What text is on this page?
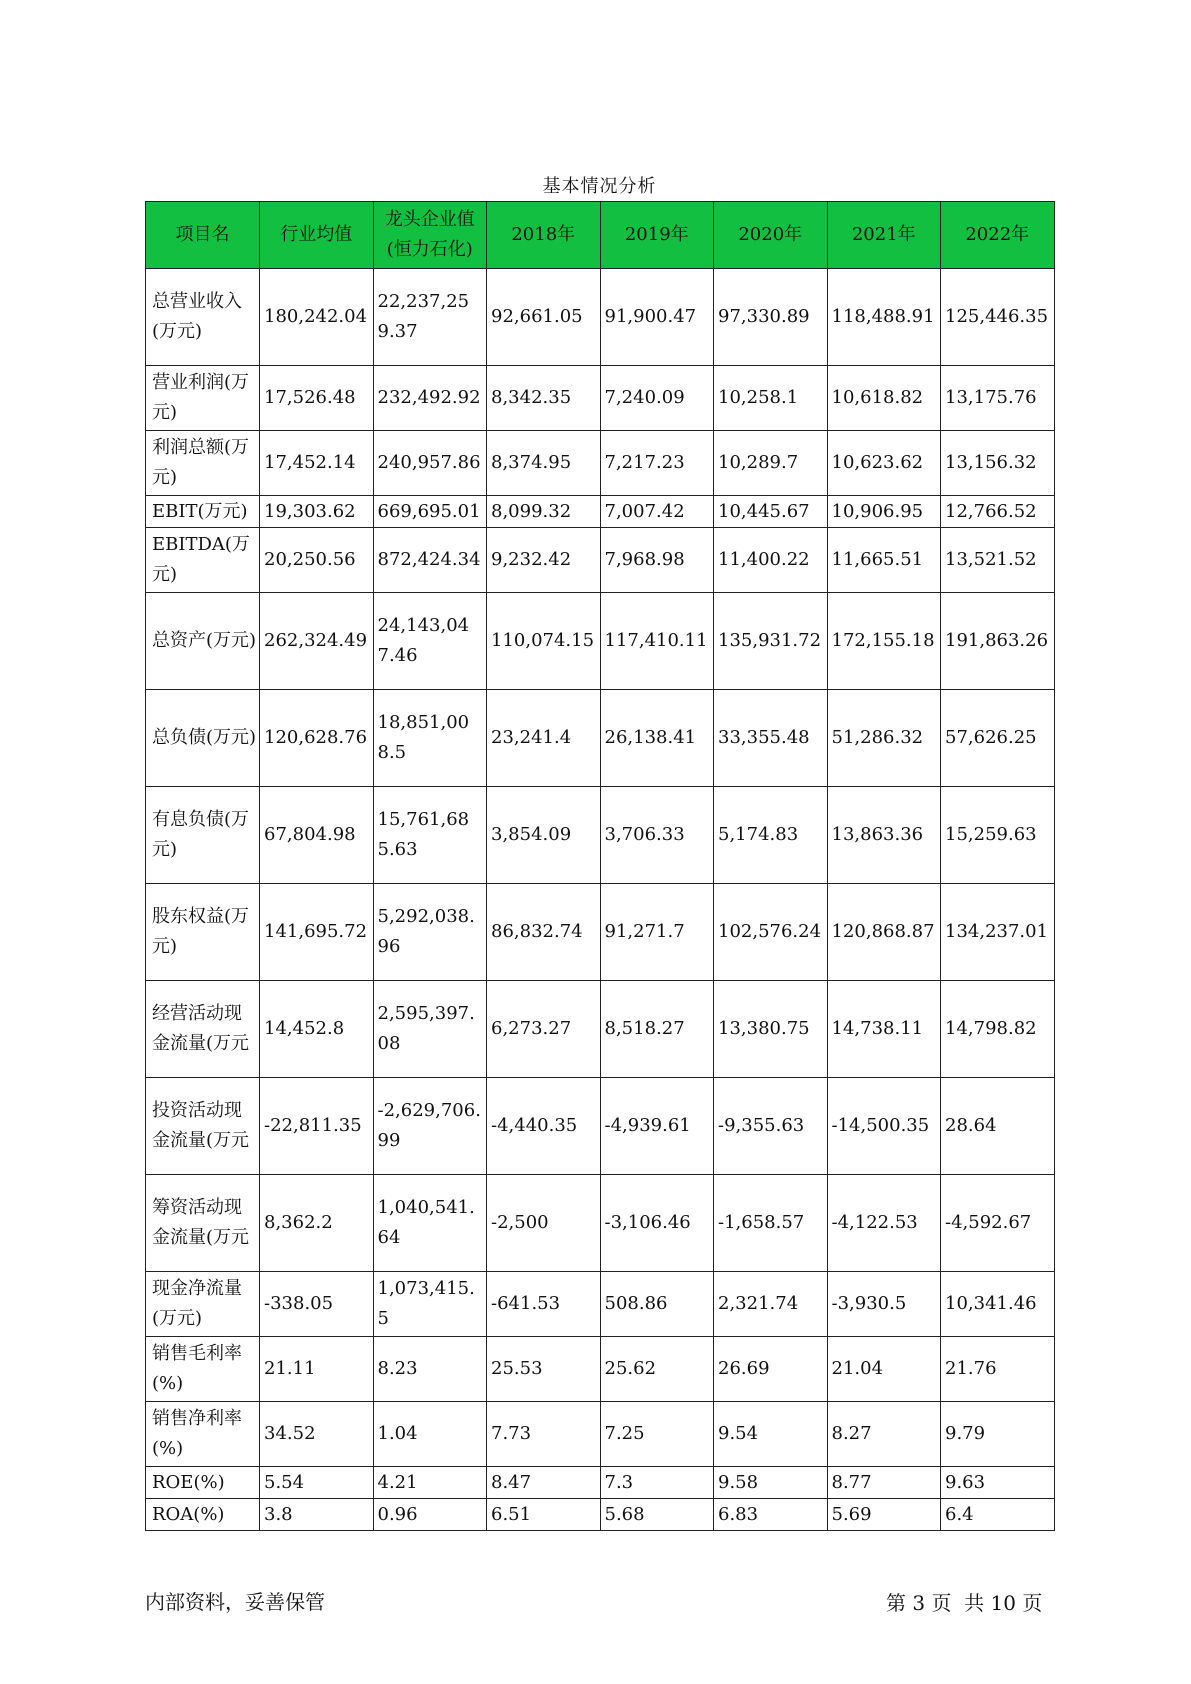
基本情况分析
项目名	行业均值	龙头企业值(恒力石化)	2018年	2019年	2020年	2021年	2022年
总营业收入(万元)	180,242.04	22,237,259.37	92,661.05	91,900.47	97,330.89	118,488.91	125,446.35
营业利润(万元)	17,526.48	232,492.92	8,342.35	7,240.09	10,258.1	10,618.82	13,175.76
利润总额(万元)	17,452.14	240,957.86	8,374.95	7,217.23	10,289.7	10,623.62	13,156.32
EBIT(万元)	19,303.62	669,695.01	8,099.32	7,007.42	10,445.67	10,906.95	12,766.52
EBITDA(万元)	20,250.56	872,424.34	9,232.42	7,968.98	11,400.22	11,665.51	13,521.52
总资产(万元)	262,324.49	24,143,047.46	110,074.15	117,410.11	135,931.72	172,155.18	191,863.26
总负债(万元)	120,628.76	18,851,008.5	23,241.4	26,138.41	33,355.48	51,286.32	57,626.25
有息负债(万元)	67,804.98	15,761,685.63	3,854.09	3,706.33	5,174.83	13,863.36	15,259.63
股东权益(万元)	141,695.72	5,292,038.96	86,832.74	91,271.7	102,576.24	120,868.87	134,237.01
经营活动现金流量(万元	14,452.8	2,595,397.08	6,273.27	8,518.27	13,380.75	14,738.11	14,798.82
投资活动现金流量(万元	-22,811.35	-2,629,706.99	-4,440.35	-4,939.61	-9,355.63	-14,500.35	28.64
筹资活动现金流量(万元	8,362.2	1,040,541.64	-2,500	-3,106.46	-1,658.57	-4,122.53	-4,592.67
现金净流量(万元)	-338.05	1,073,415.5	-641.53	508.86	2,321.74	-3,930.5	10,341.46
销售毛利率(%)	21.11	8.23	25.53	25.62	26.69	21.04	21.76
销售净利率(%)	34.52	1.04	7.73	7.25	9.54	8.27	9.79
ROE(%)	5.54	4.21	8.47	7.3	9.58	8.77	9.63
ROA(%)	3.8	0.96	6.51	5.68	6.83	5.69	6.4
内部资料，妥善保管	第 3 页  共 10 页
